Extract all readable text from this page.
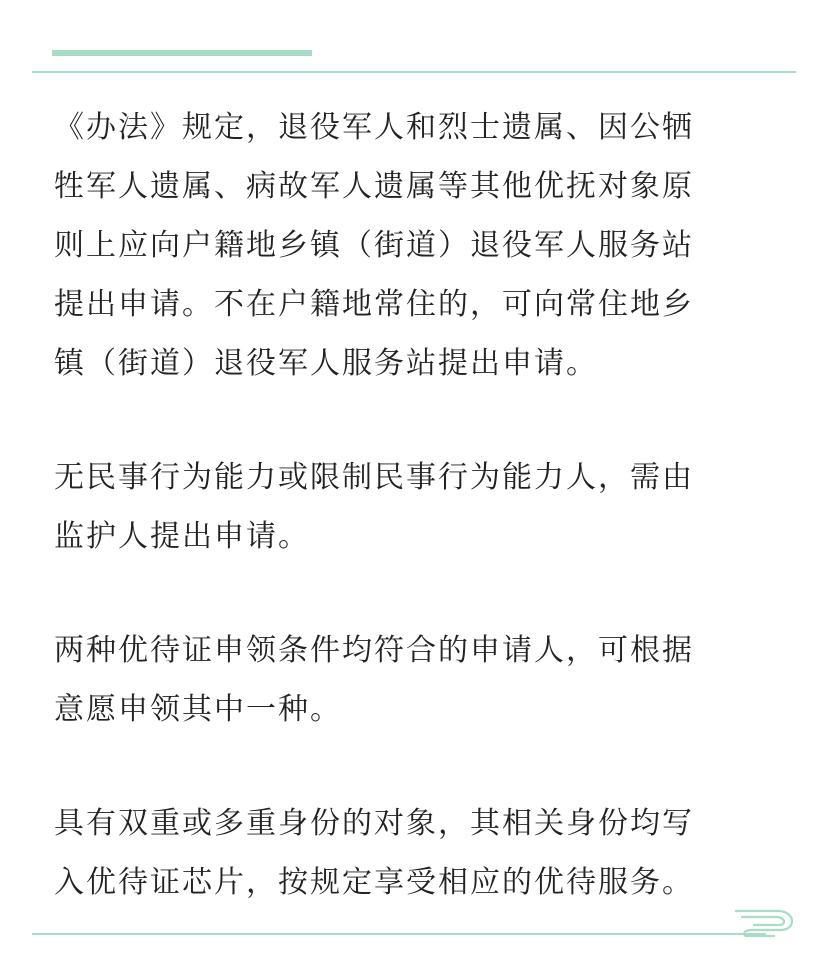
《办法》规定，退役军人和烈士遗属、因公牺
牲军人遗属、病故军人遗属等其他优抚对象原
则上应向户籍地乡镇（街道）退役军人服务站
提出申请。不在户籍地常住的，可向常住地乡
镇（街道）退役军人服务站提出申请。

无民事行为能力或限制民事行为能力人，需由
监护人提出申请。

两种优待证申领条件均符合的申请人，可根据
意愿申领其中一种。

具有双重或多重身份的对象，其相关身份均写
入优待证芯片，按规定享受相应的优待服务。
